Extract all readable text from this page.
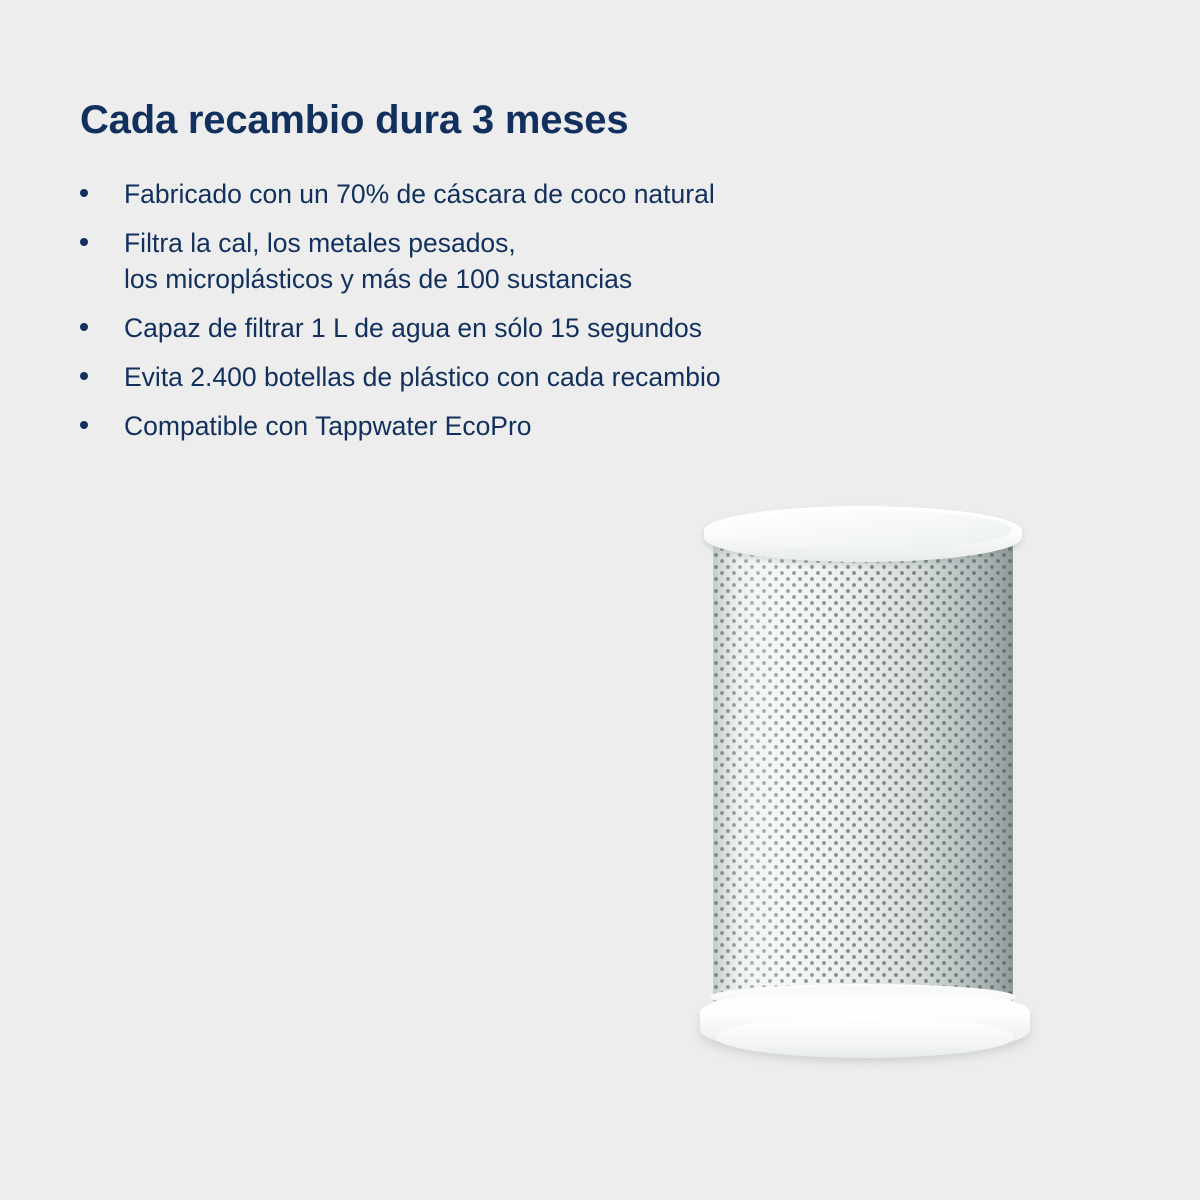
Cada recambio dura 3 meses
Fabricado con un 70% de cáscara de coco natural
Filtra la cal, los metales pesados,
los microplásticos y más de 100 sustancias
Capaz de filtrar 1 L de agua en sólo 15 segundos
Evita 2.400 botellas de plástico con cada recambio
Compatible con Tappwater EcoPro
